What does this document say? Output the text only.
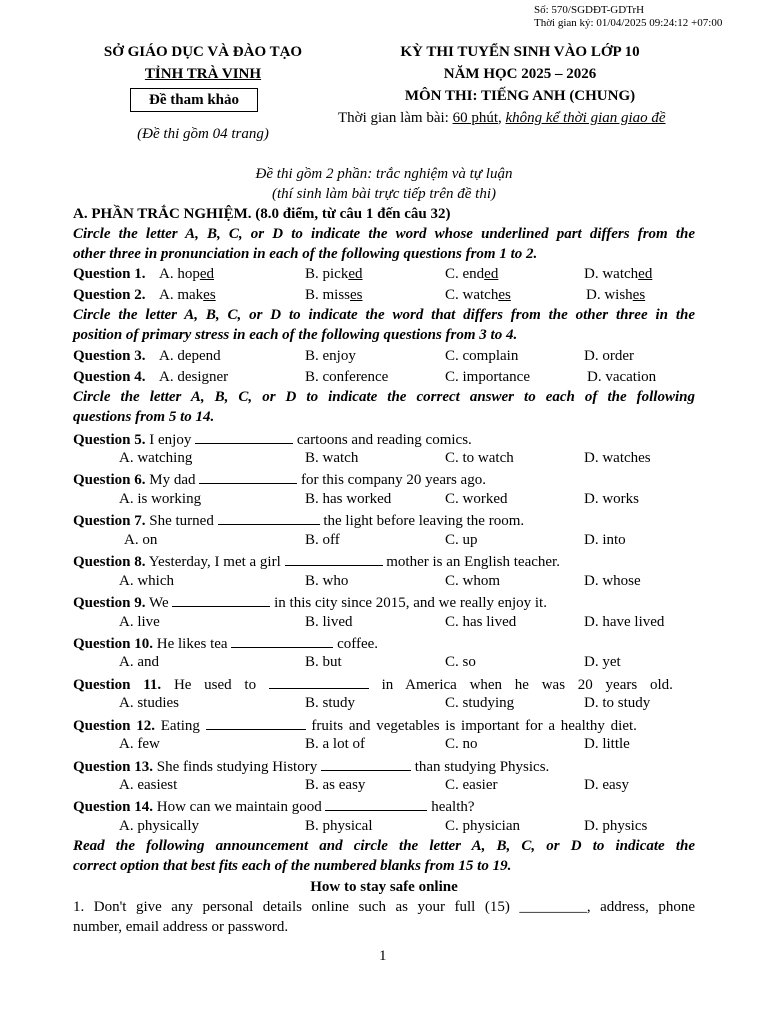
Số: 570/SGDĐT-GDTrH
Thời gian ký: 01/04/2025 09:24:12 +07:00
SỞ GIÁO DỤC VÀ ĐÀO TẠO
TỈNH TRÀ VINH
Đề tham khảo
(Đề thi gồm 04 trang)
KỲ THI TUYỂN SINH VÀO LỚP 10
NĂM HỌC 2025 – 2026
MÔN THI: TIẾNG ANH (CHUNG)
Thời gian làm bài: 60 phút, không kể thời gian giao đề
Đề thi gồm 2 phần: trắc nghiệm và tự luận
(thí sinh làm bài trực tiếp trên đề thi)
A. PHẦN TRẮC NGHIỆM. (8.0 điểm, từ câu 1 đến câu 32)
Circle the letter A, B, C, or D to indicate the word whose underlined part differs from the
other three in pronunciation in each of the following questions from 1 to 2.
Question 1. A. hoped	B. picked	C. ended	D. watched
Question 2. A. makes	B. misses	C. watches	D. wishes
Circle the letter A, B, C, or D to indicate the word that differs from the other three in the
position of primary stress in each of the following questions from 3 to 4.
Question 3. A. depend	B. enjoy	C. complain	D. order
Question 4. A. designer	B. conference	C. importance	D. vacation
Circle the letter A, B, C, or D to indicate the correct answer to each of the following
questions from 5 to 14.
Question 5. I enjoy	cartoons and reading comics.
A. watching	B. watch	C. to watch	D. watches
Question 6. My dad	for this company 20 years ago.
A. is working	B. has worked	C. worked	D. works
Question 7. She turned	the light before leaving the room.
A. on	B. off	C. up	D. into
Question 8. Yesterday, I met a girl	mother is an English teacher.
A. which	B. who	C. whom	D. whose
Question 9. We	in this city since 2015, and we really enjoy it.
A. live	B. lived	C. has lived	D. have lived
Question 10. He likes tea	coffee.
A. and	B. but	C. so	D. yet
Question 11. He used to	in America when he was 20 years old.
A. studies	B. study	C. studying	D. to study
Question 12. Eating	fruits and vegetables is important for a healthy diet.
A. few	B. a lot of	C. no	D. little
Question 13. She finds studying History	than studying Physics.
A. easiest	B. as easy	C. easier	D. easy
Question 14. How can we maintain good	health?
A. physically	B. physical	C. physician	D. physics
Read the following announcement and circle the letter A, B, C, or D to indicate the
correct option that best fits each of the numbered blanks from 15 to 19.
How to stay safe online
1. Don't give any personal details online such as your full (15) _________, address, phone
number, email address or password.
1
